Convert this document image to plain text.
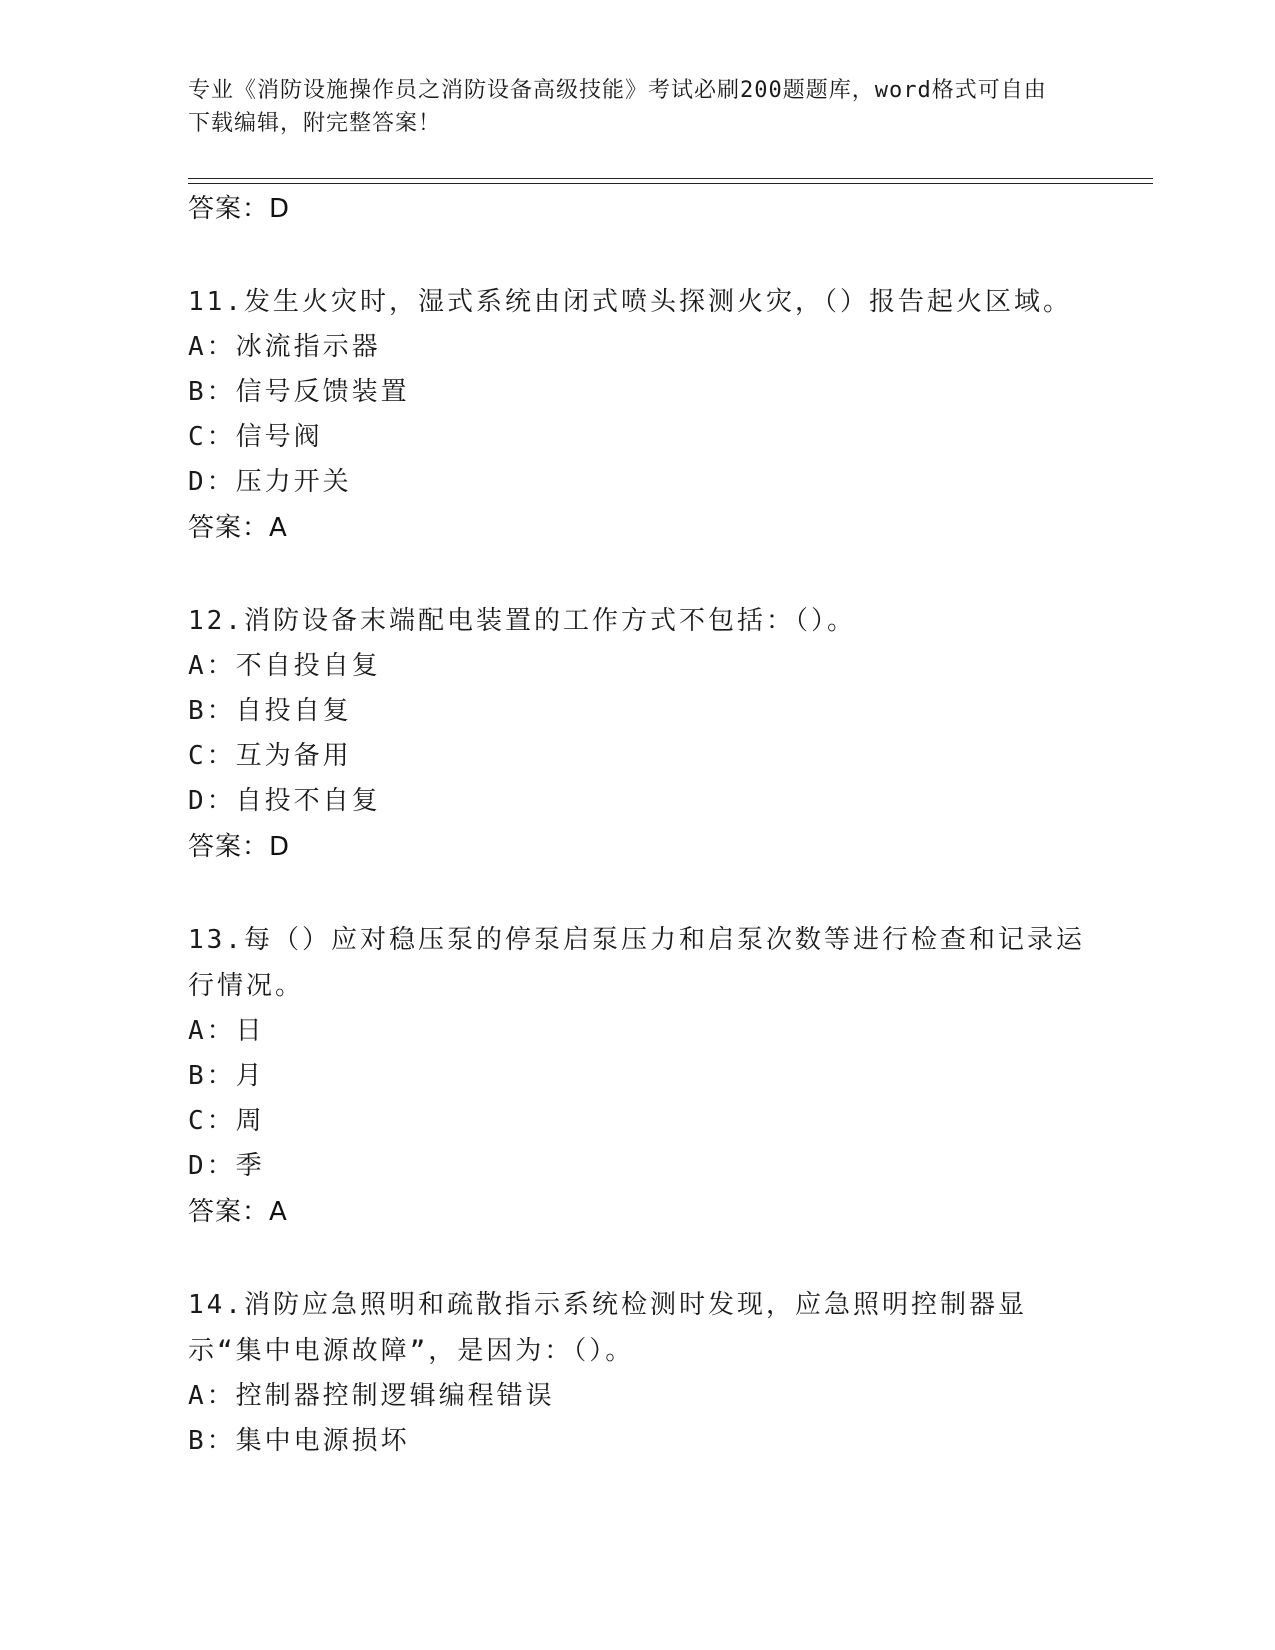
专业《消防设施操作员之消防设备高级技能》考试必刷200题题库，word格式可自由下载编辑，附完整答案！
答案：D
11.发生火灾时，湿式系统由闭式喷头探测火灾，（）报告起火区域。
A：冰流指示器
B：信号反馈装置
C：信号阀
D：压力开关
答案：A
12.消防设备末端配电装置的工作方式不包括：（）。
A：不自投自复
B：自投自复
C：互为备用
D：自投不自复
答案：D
13.每（）应对稳压泵的停泵启泵压力和启泵次数等进行检查和记录运行情况。
A：日
B：月
C：周
D：季
答案：A
14.消防应急照明和疏散指示系统检测时发现，应急照明控制器显示“集中电源故障”，是因为：（）。
A：控制器控制逻辑编程错误
B：集中电源损坏
